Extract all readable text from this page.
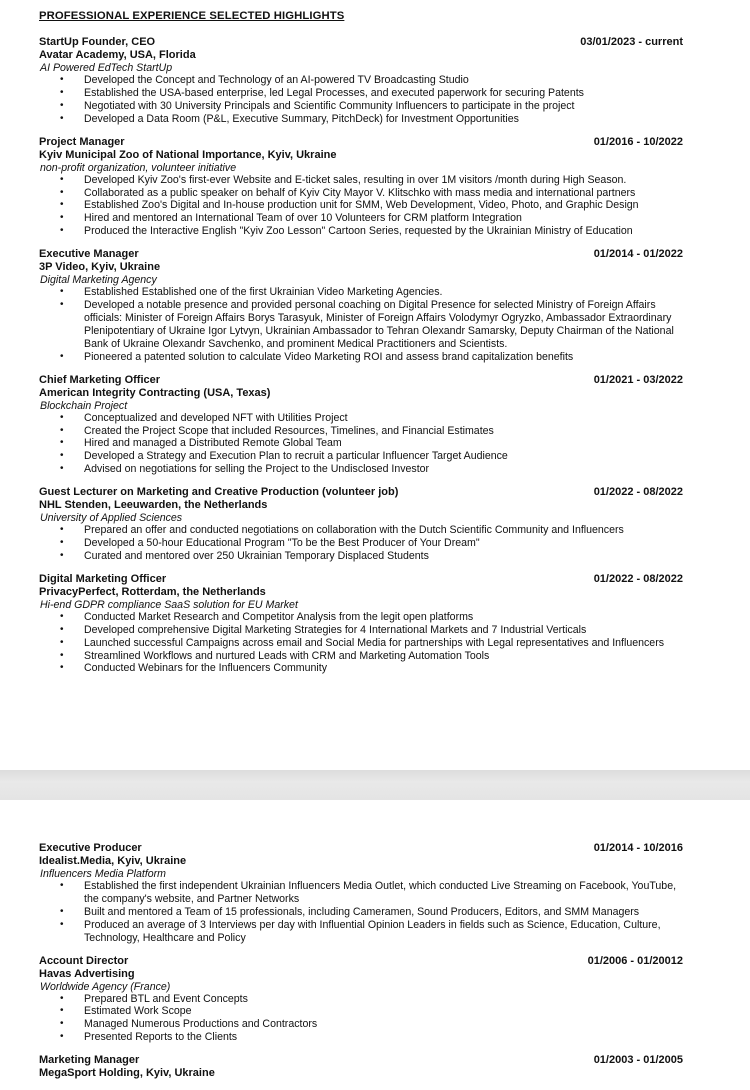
PROFESSIONAL EXPERIENCE SELECTED HIGHLIGHTS
StartUp Founder, CEO	03/01/2023 - current
Avatar Academy, USA, Florida
AI Powered EdTech StartUp
• Developed the Concept and Technology of an AI-powered TV Broadcasting Studio
• Established the USA-based enterprise, led Legal Processes, and executed paperwork for securing Patents
• Negotiated with 30 University Principals and Scientific Community Influencers to participate in the project
• Developed a Data Room (P&L, Executive Summary, PitchDeck) for Investment Opportunities
Project Manager	01/2016 - 10/2022
Kyiv Municipal Zoo of National Importance, Kyiv, Ukraine
non-profit organization, volunteer initiative
• Developed Kyiv Zoo's first-ever Website and E-ticket sales, resulting in over 1M visitors /month during High Season.
• Collaborated as a public speaker on behalf of Kyiv City Mayor V. Klitschko with mass media and international partners
• Established Zoo's Digital and In-house production unit for SMM, Web Development, Video, Photo, and Graphic Design
• Hired and mentored an International Team of over 10 Volunteers for CRM platform Integration
• Produced the Interactive English "Kyiv Zoo Lesson" Cartoon Series, requested by the Ukrainian Ministry of Education
Executive Manager	01/2014 - 01/2022
3P Video, Kyiv, Ukraine
Digital Marketing Agency
• Established Established one of the first Ukrainian Video Marketing Agencies.
• Developed a notable presence and provided personal coaching on Digital Presence for selected Ministry of Foreign Affairs officials: Minister of Foreign Affairs Borys Tarasyuk, Minister of Foreign Affairs Volodymyr Ogryzko, Ambassador Extraordinary Plenipotentiary of Ukraine Igor Lytvyn, Ukrainian Ambassador to Tehran Olexandr Samarsky, Deputy Chairman of the National Bank of Ukraine Olexandr Savchenko, and prominent Medical Practitioners and Scientists.
• Pioneered a patented solution to calculate Video Marketing ROI and assess brand capitalization benefits
Chief Marketing Officer	01/2021 - 03/2022
American Integrity Contracting (USA, Texas)
Blockchain Project
• Conceptualized and developed NFT with Utilities Project
• Created the Project Scope that included Resources, Timelines, and Financial Estimates
• Hired and managed a Distributed Remote Global Team
• Developed a Strategy and Execution Plan to recruit a particular Influencer Target Audience
• Advised on negotiations for selling the Project to the Undisclosed Investor
Guest Lecturer on Marketing and Creative Production (volunteer job)	01/2022 - 08/2022
NHL Stenden, Leeuwarden, the Netherlands
University of Applied Sciences
• Prepared an offer and conducted negotiations on collaboration with the Dutch Scientific Community and Influencers
• Developed a 50-hour Educational Program "To be the Best Producer of Your Dream"
• Curated and mentored over 250 Ukrainian Temporary Displaced Students
Digital Marketing Officer	01/2022 - 08/2022
PrivacyPerfect, Rotterdam, the Netherlands
Hi-end GDPR compliance SaaS solution for EU Market
• Conducted Market Research and Competitor Analysis from the legit open platforms
• Developed comprehensive Digital Marketing Strategies for 4 International Markets and 7 Industrial Verticals
• Launched successful Campaigns across email and Social Media for partnerships with Legal representatives and Influencers
• Streamlined Workflows and nurtured Leads with CRM and Marketing Automation Tools
• Conducted Webinars for the Influencers Community
Executive Producer	01/2014 - 10/2016
Idealist.Media, Kyiv, Ukraine
Influencers Media Platform
• Established the first independent Ukrainian Influencers Media Outlet, which conducted Live Streaming on Facebook, YouTube, the company's website, and Partner Networks
• Built and mentored a Team of 15 professionals, including Cameramen, Sound Producers, Editors, and SMM Managers
• Produced an average of 3 Interviews per day with Influential Opinion Leaders in fields such as Science, Education, Culture, Technology, Healthcare and Policy
Account Director	01/2006 - 01/20012
Havas Advertising
Worldwide Agency (France)
• Prepared BTL and Event Concepts
• Estimated Work Scope
• Managed Numerous Productions and Contractors
• Presented Reports to the Clients
Marketing Manager	01/2003 - 01/2005
MegaSport Holding, Kyiv, Ukraine
